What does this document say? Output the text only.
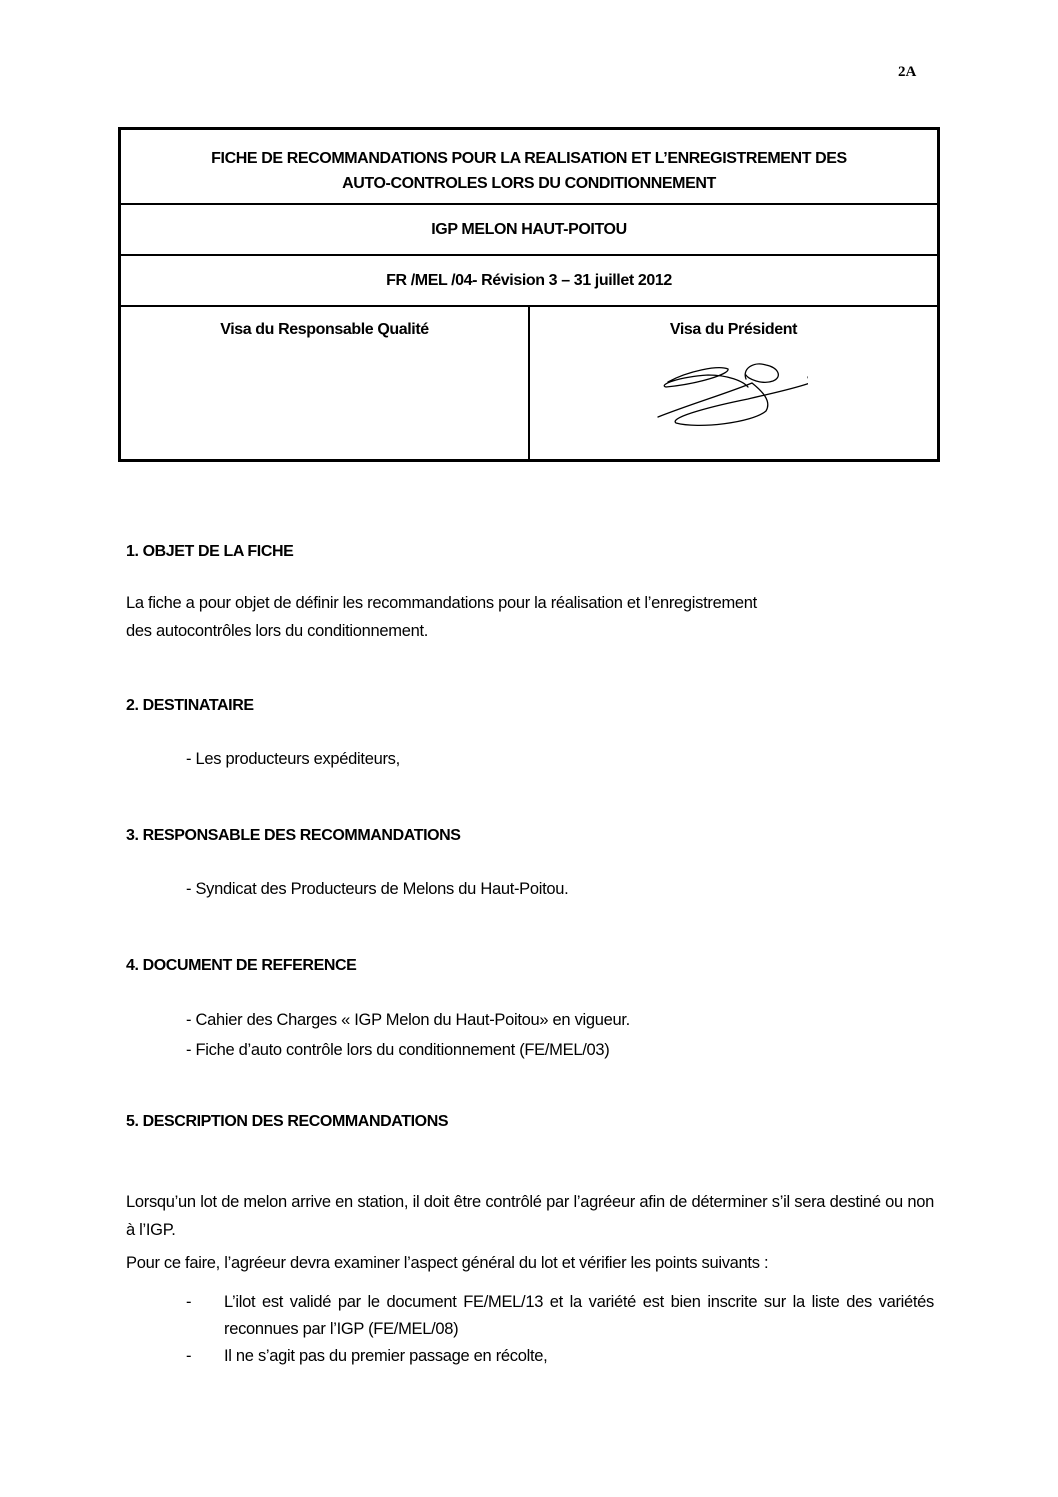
2A
FICHE DE RECOMMANDATIONS POUR LA REALISATION ET L’ENREGISTREMENT DES
AUTO-CONTROLES LORS DU CONDITIONNEMENT

IGP MELON HAUT-POITOU
FR /MEL /04- Révision 3 – 31 juillet 2012
Visa du Responsable Qualité	Visa du Président
1. OBJET DE LA FICHE
La fiche a pour objet de définir les recommandations pour la réalisation et l’enregistrement
des autocontrôles lors du conditionnement.
2. DESTINATAIRE
- Les producteurs expéditeurs,
3. RESPONSABLE DES RECOMMANDATIONS
- Syndicat des Producteurs de Melons du Haut-Poitou.
4. DOCUMENT DE REFERENCE
- Cahier des Charges « IGP Melon du Haut-Poitou» en vigueur.
- Fiche d’auto contrôle lors du conditionnement (FE/MEL/03)
5. DESCRIPTION DES RECOMMANDATIONS
Lorsqu’un lot de melon arrive en station, il doit être contrôlé par l’agréeur afin de déterminer s’il sera destiné ou non à l’IGP.
Pour ce faire, l’agréeur devra examiner l’aspect général du lot et vérifier les points suivants :
-	L’ilot est validé par le document FE/MEL/13 et la variété est bien inscrite sur la liste des variétés reconnues par l’IGP (FE/MEL/08)
-	Il ne s’agit pas du premier passage en récolte,
